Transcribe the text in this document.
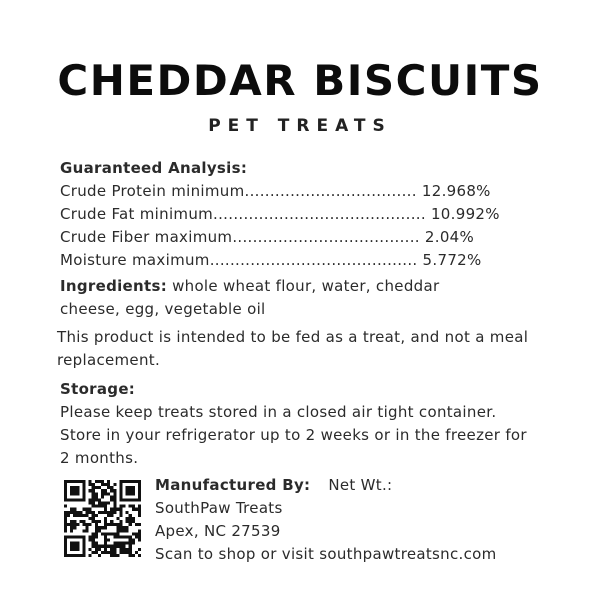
CHEDDAR BISCUITS
PET TREATS
Guaranteed Analysis:
Crude Protein minimum.................................. 12.968%
Crude Fat minimum.......................................... 10.992%
Crude Fiber maximum..................................... 2.04%
Moisture maximum......................................... 5.772%
Ingredients: whole wheat flour, water, cheddar cheese, egg, vegetable oil
This product is intended to be fed as a treat, and not a meal replacement.
Storage:
Please keep treats stored in a closed air tight container. Store in your refrigerator up to 2 weeks or in the freezer for 2 months.
Manufactured By: Net Wt.:
SouthPaw Treats
Apex, NC 27539
Scan to shop or visit southpawtreatsnc.com
